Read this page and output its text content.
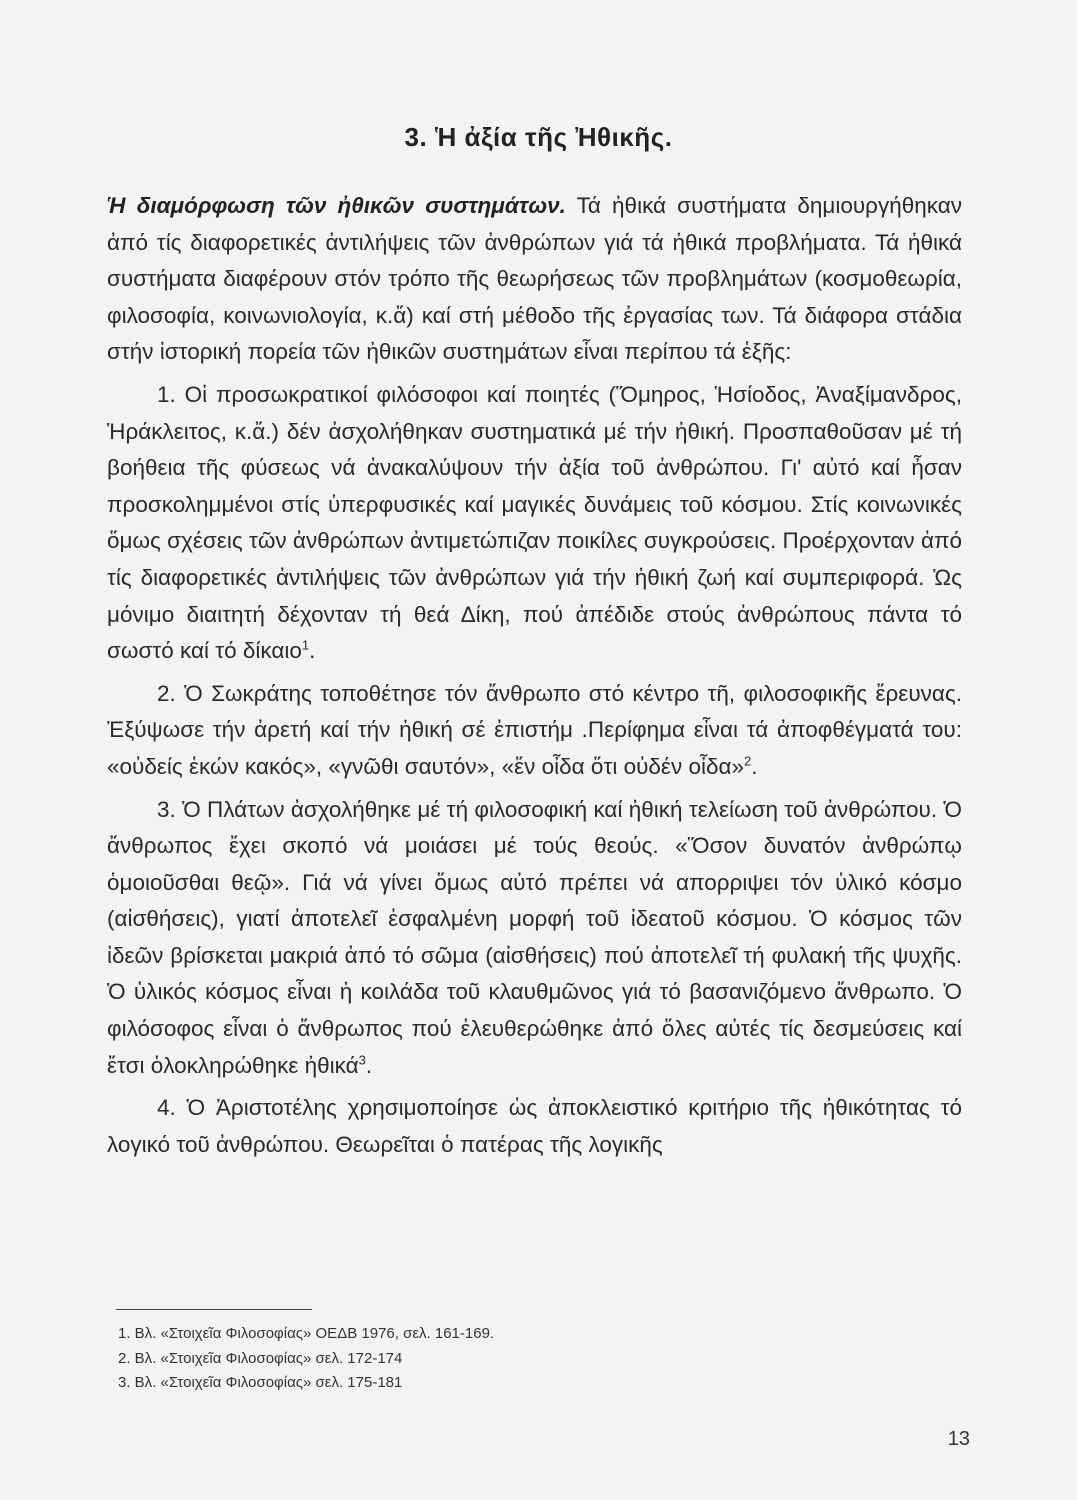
3. Ἡ ἀξία τῆς Ἠθικῆς.

Ἡ διαμόρφωση τῶν ἠθικῶν συστημάτων. Τά ἠθικά συστήματα δημιουργήθηκαν ἀπό τίς διαφορετικές ἀντιλήψεις τῶν ἀνθρώπων γιά τά ἠθικά προβλήματα. Τά ἠθικά συστήματα διαφέρουν στόν τρόπο τῆς θεωρήσεως τῶν προβλημάτων (κοσμοθεωρία, φιλοσοφία, κοινωνιολογία, κ.ἄ) καί στή μέθοδο τῆς ἐργασίας των. Τά διάφορα στάδια στήν ἱστορική πορεία τῶν ἠθικῶν συστημάτων εἶναι περίπου τά ἑξῆς:

1. Οἱ προσωκρατικοί φιλόσοφοι καί ποιητές (Ὅμηρος, Ἡσίοδος, Ἀναξίμανδρος, Ἡράκλειτος, κ.ἄ.) δέν ἀσχολήθηκαν συστηματικά μέ τήν ἠθική. Προσπαθοῦσαν μέ τή βοήθεια τῆς φύσεως νά ἀνακαλύψουν τήν ἀξία τοῦ ἀνθρώπου. Γι' αὐτό καί ἦσαν προσκολημμένοι στίς ὑπερφυσικές καί μαγικές δυνάμεις τοῦ κόσμου. Στίς κοινωνικές ὅμως σχέσεις τῶν ἀνθρώπων ἀντιμετώπιζαν ποικίλες συγκρούσεις. Προέρχονταν ἀπό τίς διαφορετικές ἀντιλήψεις τῶν ἀνθρώπων γιά τήν ἠθική ζωή καί συμπεριφορά. Ὡς μόνιμο διαιτητή δέχονταν τή θεά Δίκη, πού ἀπέδιδε στούς ἀνθρώπους πάντα τό σωστό καί τό δίκαιο$^1$.

2. Ὁ Σωκράτης τοποθέτησε τόν ἄνθρωπο στό κέντρο τῆ, φιλοσοφικῆς ἔρευνας. Ἐξύψωσε τήν ἀρετή καί τήν ἠθική σέ ἐπιστήμ .Περίφημα εἶναι τά ἀποφθέγματά του: «οὐδείς ἑκών κακός», «γνῶθι σαυτόν», «ἕν οἶδα ὅτι οὐδέν οἶδα»$^2$.

3. Ὁ Πλάτων ἀσχολήθηκε μέ τή φιλοσοφική καί ἠθική τελείωση τοῦ ἀνθρώπου. Ὁ ἄνθρωπος ἔχει σκοπό νά μοιάσει μέ τούς θεούς. «Ὅσον δυνατόν ἀνθρώπῳ ὁμοιοῦσθαι θεῷ». Γιά νά γίνει ὅμως αὐτό πρέπει νά απορριψει τόν ὑλικό κόσμο (αἰσθήσεις), γιατί ἀποτελεῖ ἐσφαλμένη μορφή τοῦ ἰδεατοῦ κόσμου. Ὁ κόσμος τῶν ἰδεῶν βρίσκεται μακριά ἀπό τό σῶμα (αἰσθήσεις) πού ἀποτελεῖ τή φυλακή τῆς ψυχῆς. Ὁ ὑλικός κόσμος εἶναι ἡ κοιλάδα τοῦ κλαυθμῶνος γιά τό βασανιζόμενο ἄνθρωπο. Ὁ φιλόσοφος εἶναι ὁ ἄνθρωπος πού ἐλευθερώθηκε ἀπό ὅλες αὐτές τίς δεσμεύσεις καί ἔτσι ὁλοκληρώθηκε ἠθικά$^3$.

4. Ὁ Ἀριστοτέλης χρησιμοποίησε ὡς ἀποκλειστικό κριτήριο τῆς ἠθικότητας τό λογικό τοῦ ἀνθρώπου. Θεωρεῖται ὁ πατέρας τῆς λογικῆς

1. Βλ. «Στοιχεῖα Φιλοσοφίας» ΟΕΔΒ 1976, σελ. 161-169.
2. Βλ. «Στοιχεῖα Φιλοσοφίας» σελ. 172-174
3. Βλ. «Στοιχεῖα Φιλοσοφίας» σελ. 175-181
13
